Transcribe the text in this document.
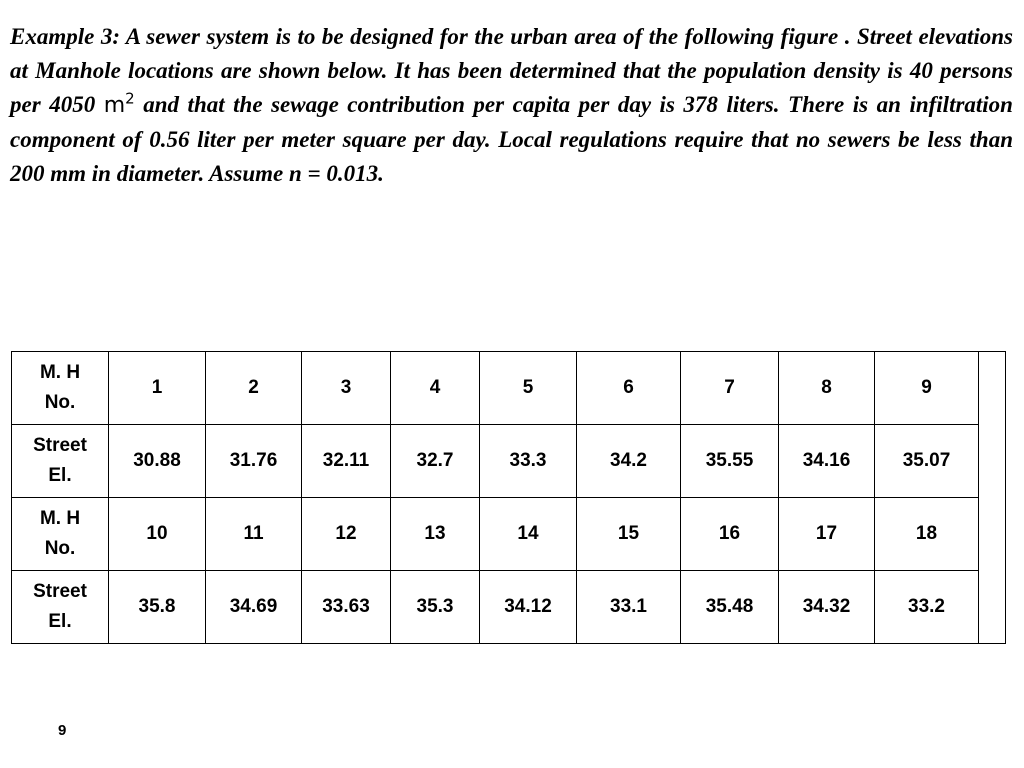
Example 3: A sewer system is to be designed for the urban area of the following figure . Street elevations at Manhole locations are shown below. It has been determined that the population density is 40 persons per 4050 $m^2$ and that the sewage contribution per capita per day is 378 liters. There is an infiltration component of 0.56 liter per meter square per day. Local regulations require that no sewers be less than 200 mm in diameter. Assume n = 0.013.

M. H
No.	1	2	3	4	5	6	7	8	9	
Street
El.	30.88	31.76	32.11	32.7	33.3	34.2	35.55	34.16	35.07	
M. H
No.	10	11	12	13	14	15	16	17	18	
Street
El.	35.8	34.69	33.63	35.3	34.12	33.1	35.48	34.32	33.2	
9
